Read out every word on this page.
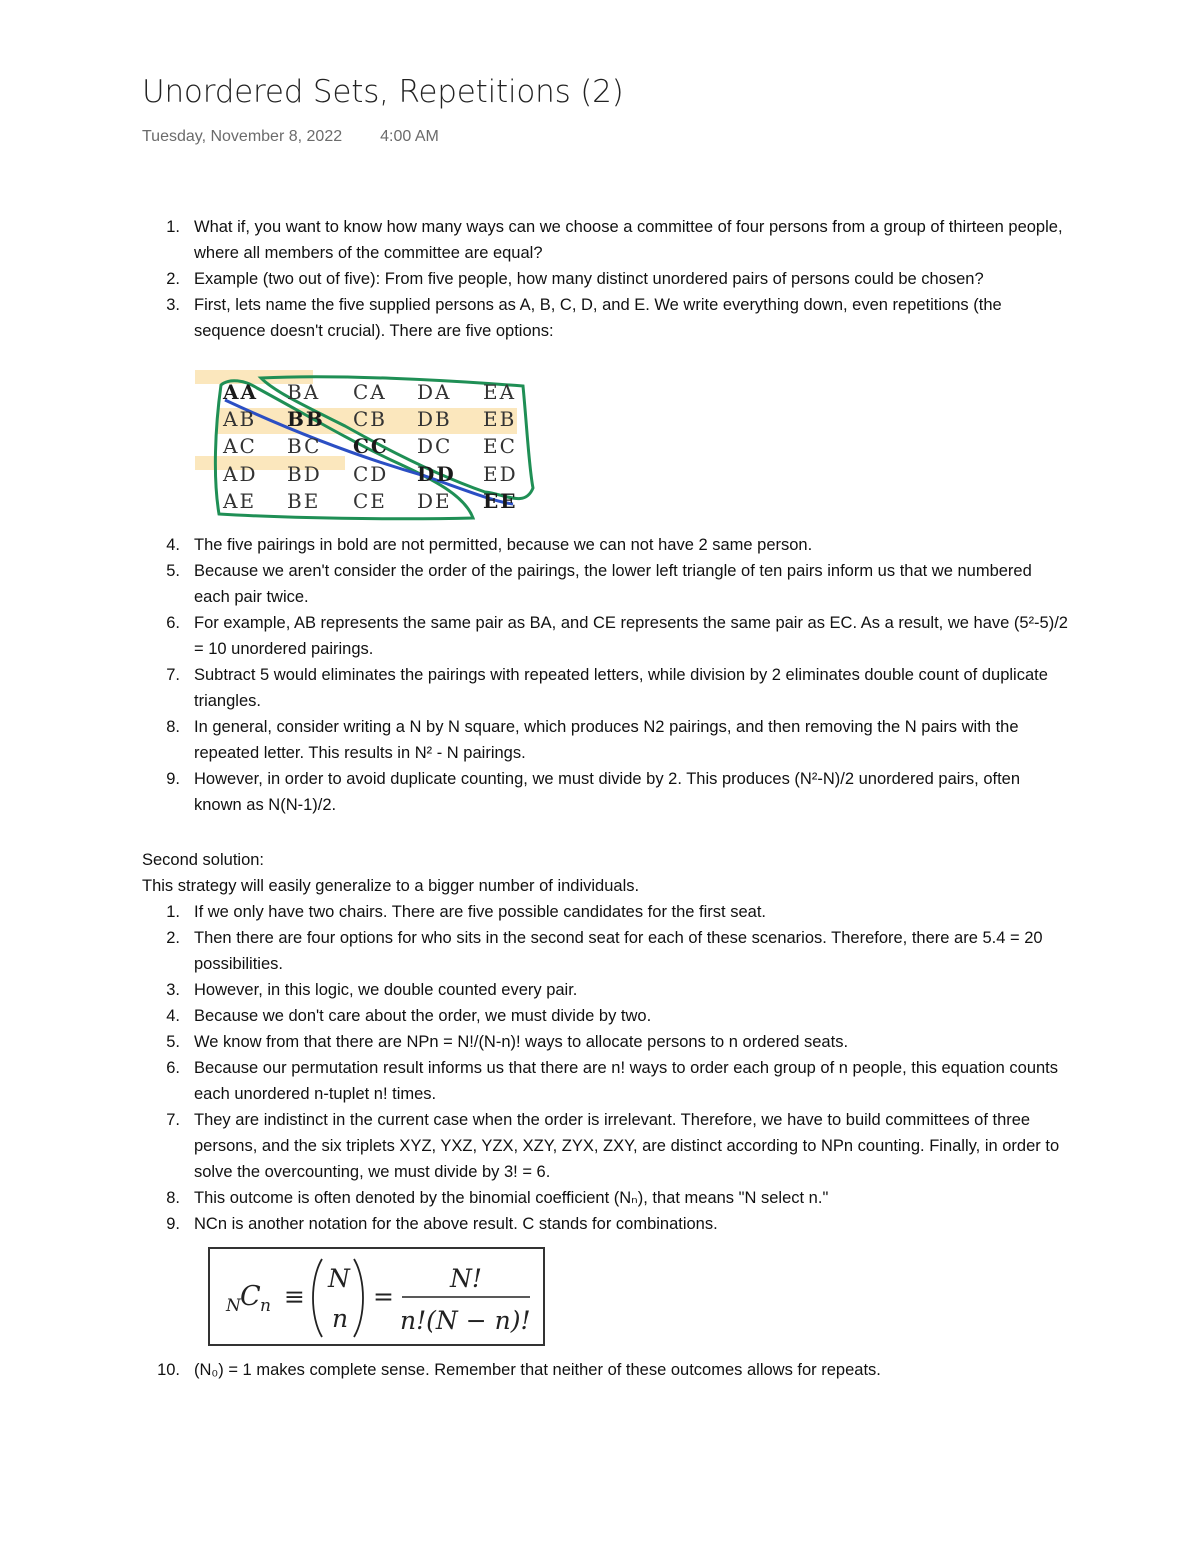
Unordered Sets, Repetitions (2)
Tuesday, November 8, 2022 4:00 AM
1. What if, you want to know how many ways can we choose a committee of four persons from a group of thirteen people, where all members of the committee are equal?
2. Example (two out of five): From five people, how many distinct unordered pairs of persons could be chosen?
3. First, lets name the five supplied persons as A, B, C, D, and E. We write everything down, even repetitions (the sequence doesn't crucial). There are five options:
AA BA CA DA EA
AB BB CB DB EB
AC BC CC DC EC
AD BD CD DD ED
AE BE CE DE EE
4. The five pairings in bold are not permitted, because we can not have 2 same person.
5. Because we aren't consider the order of the pairings, the lower left triangle of ten pairs inform us that we numbered each pair twice.
6. For example, AB represents the same pair as BA, and CE represents the same pair as EC. As a result, we have (5²-5)/2 = 10 unordered pairings.
7. Subtract 5 would eliminates the pairings with repeated letters, while division by 2 eliminates double count of duplicate triangles.
8. In general, consider writing a N by N square, which produces N2 pairings, and then removing the N pairs with the repeated letter. This results in N² - N pairings.
9. However, in order to avoid duplicate counting, we must divide by 2. This produces (N²-N)/2 unordered pairs, often known as N(N-1)/2.
Second solution:
This strategy will easily generalize to a bigger number of individuals.
1. If we only have two chairs. There are five possible candidates for the first seat.
2. Then there are four options for who sits in the second seat for each of these scenarios. Therefore, there are 5.4 = 20 possibilities.
3. However, in this logic, we double counted every pair.
4. Because we don't care about the order, we must divide by two.
5. We know from that there are NPn = N!/(N-n)! ways to allocate persons to n ordered seats.
6. Because our permutation result informs us that there are n! ways to order each group of n people, this equation counts each unordered n-tuplet n! times.
7. They are indistinct in the current case when the order is irrelevant. Therefore, we have to build committees of three persons, and the six triplets XYZ, YXZ, YZX, XZY, ZYX, ZXY, are distinct according to NPn counting. Finally, in order to solve the overcounting, we must divide by 3! = 6.
8. This outcome is often denoted by the binomial coefficient (Nₙ), that means "N select n."
9. NCn is another notation for the above result. C stands for combinations.
N C n ≡
N
n
=
N!
n!(N − n)!
10. (N₀) = 1 makes complete sense. Remember that neither of these outcomes allows for repeats.
